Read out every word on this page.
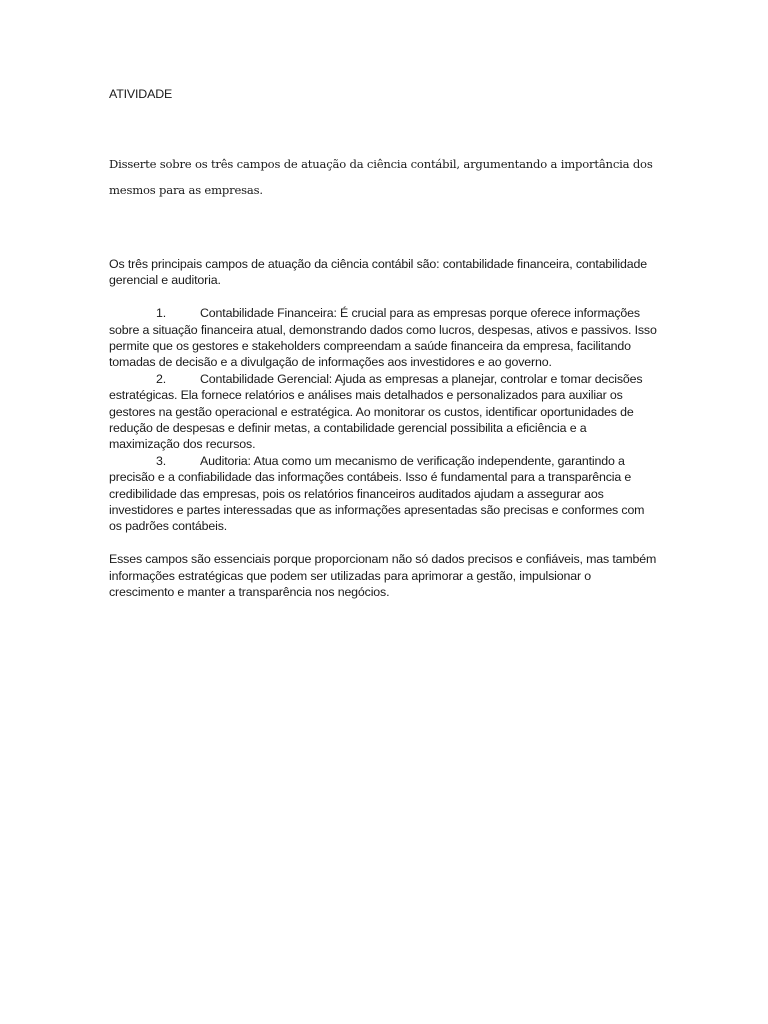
ATIVIDADE

Disserte sobre os três campos de atuação da ciência contábil, argumentando a importância dos mesmos para as empresas.

Os três principais campos de atuação da ciência contábil são: contabilidade financeira, contabilidade gerencial e auditoria.

1.	Contabilidade Financeira: É crucial para as empresas porque oferece informações sobre a situação financeira atual, demonstrando dados como lucros, despesas, ativos e passivos. Isso permite que os gestores e stakeholders compreendam a saúde financeira da empresa, facilitando tomadas de decisão e a divulgação de informações aos investidores e ao governo.
2.	Contabilidade Gerencial: Ajuda as empresas a planejar, controlar e tomar decisões estratégicas. Ela fornece relatórios e análises mais detalhados e personalizados para auxiliar os gestores na gestão operacional e estratégica. Ao monitorar os custos, identificar oportunidades de redução de despesas e definir metas, a contabilidade gerencial possibilita a eficiência e a maximização dos recursos.
3.	Auditoria: Atua como um mecanismo de verificação independente, garantindo a precisão e a confiabilidade das informações contábeis. Isso é fundamental para a transparência e credibilidade das empresas, pois os relatórios financeiros auditados ajudam a assegurar aos investidores e partes interessadas que as informações apresentadas são precisas e conformes com os padrões contábeis.

Esses campos são essenciais porque proporcionam não só dados precisos e confiáveis, mas também informações estratégicas que podem ser utilizadas para aprimorar a gestão, impulsionar o crescimento e manter a transparência nos negócios.
